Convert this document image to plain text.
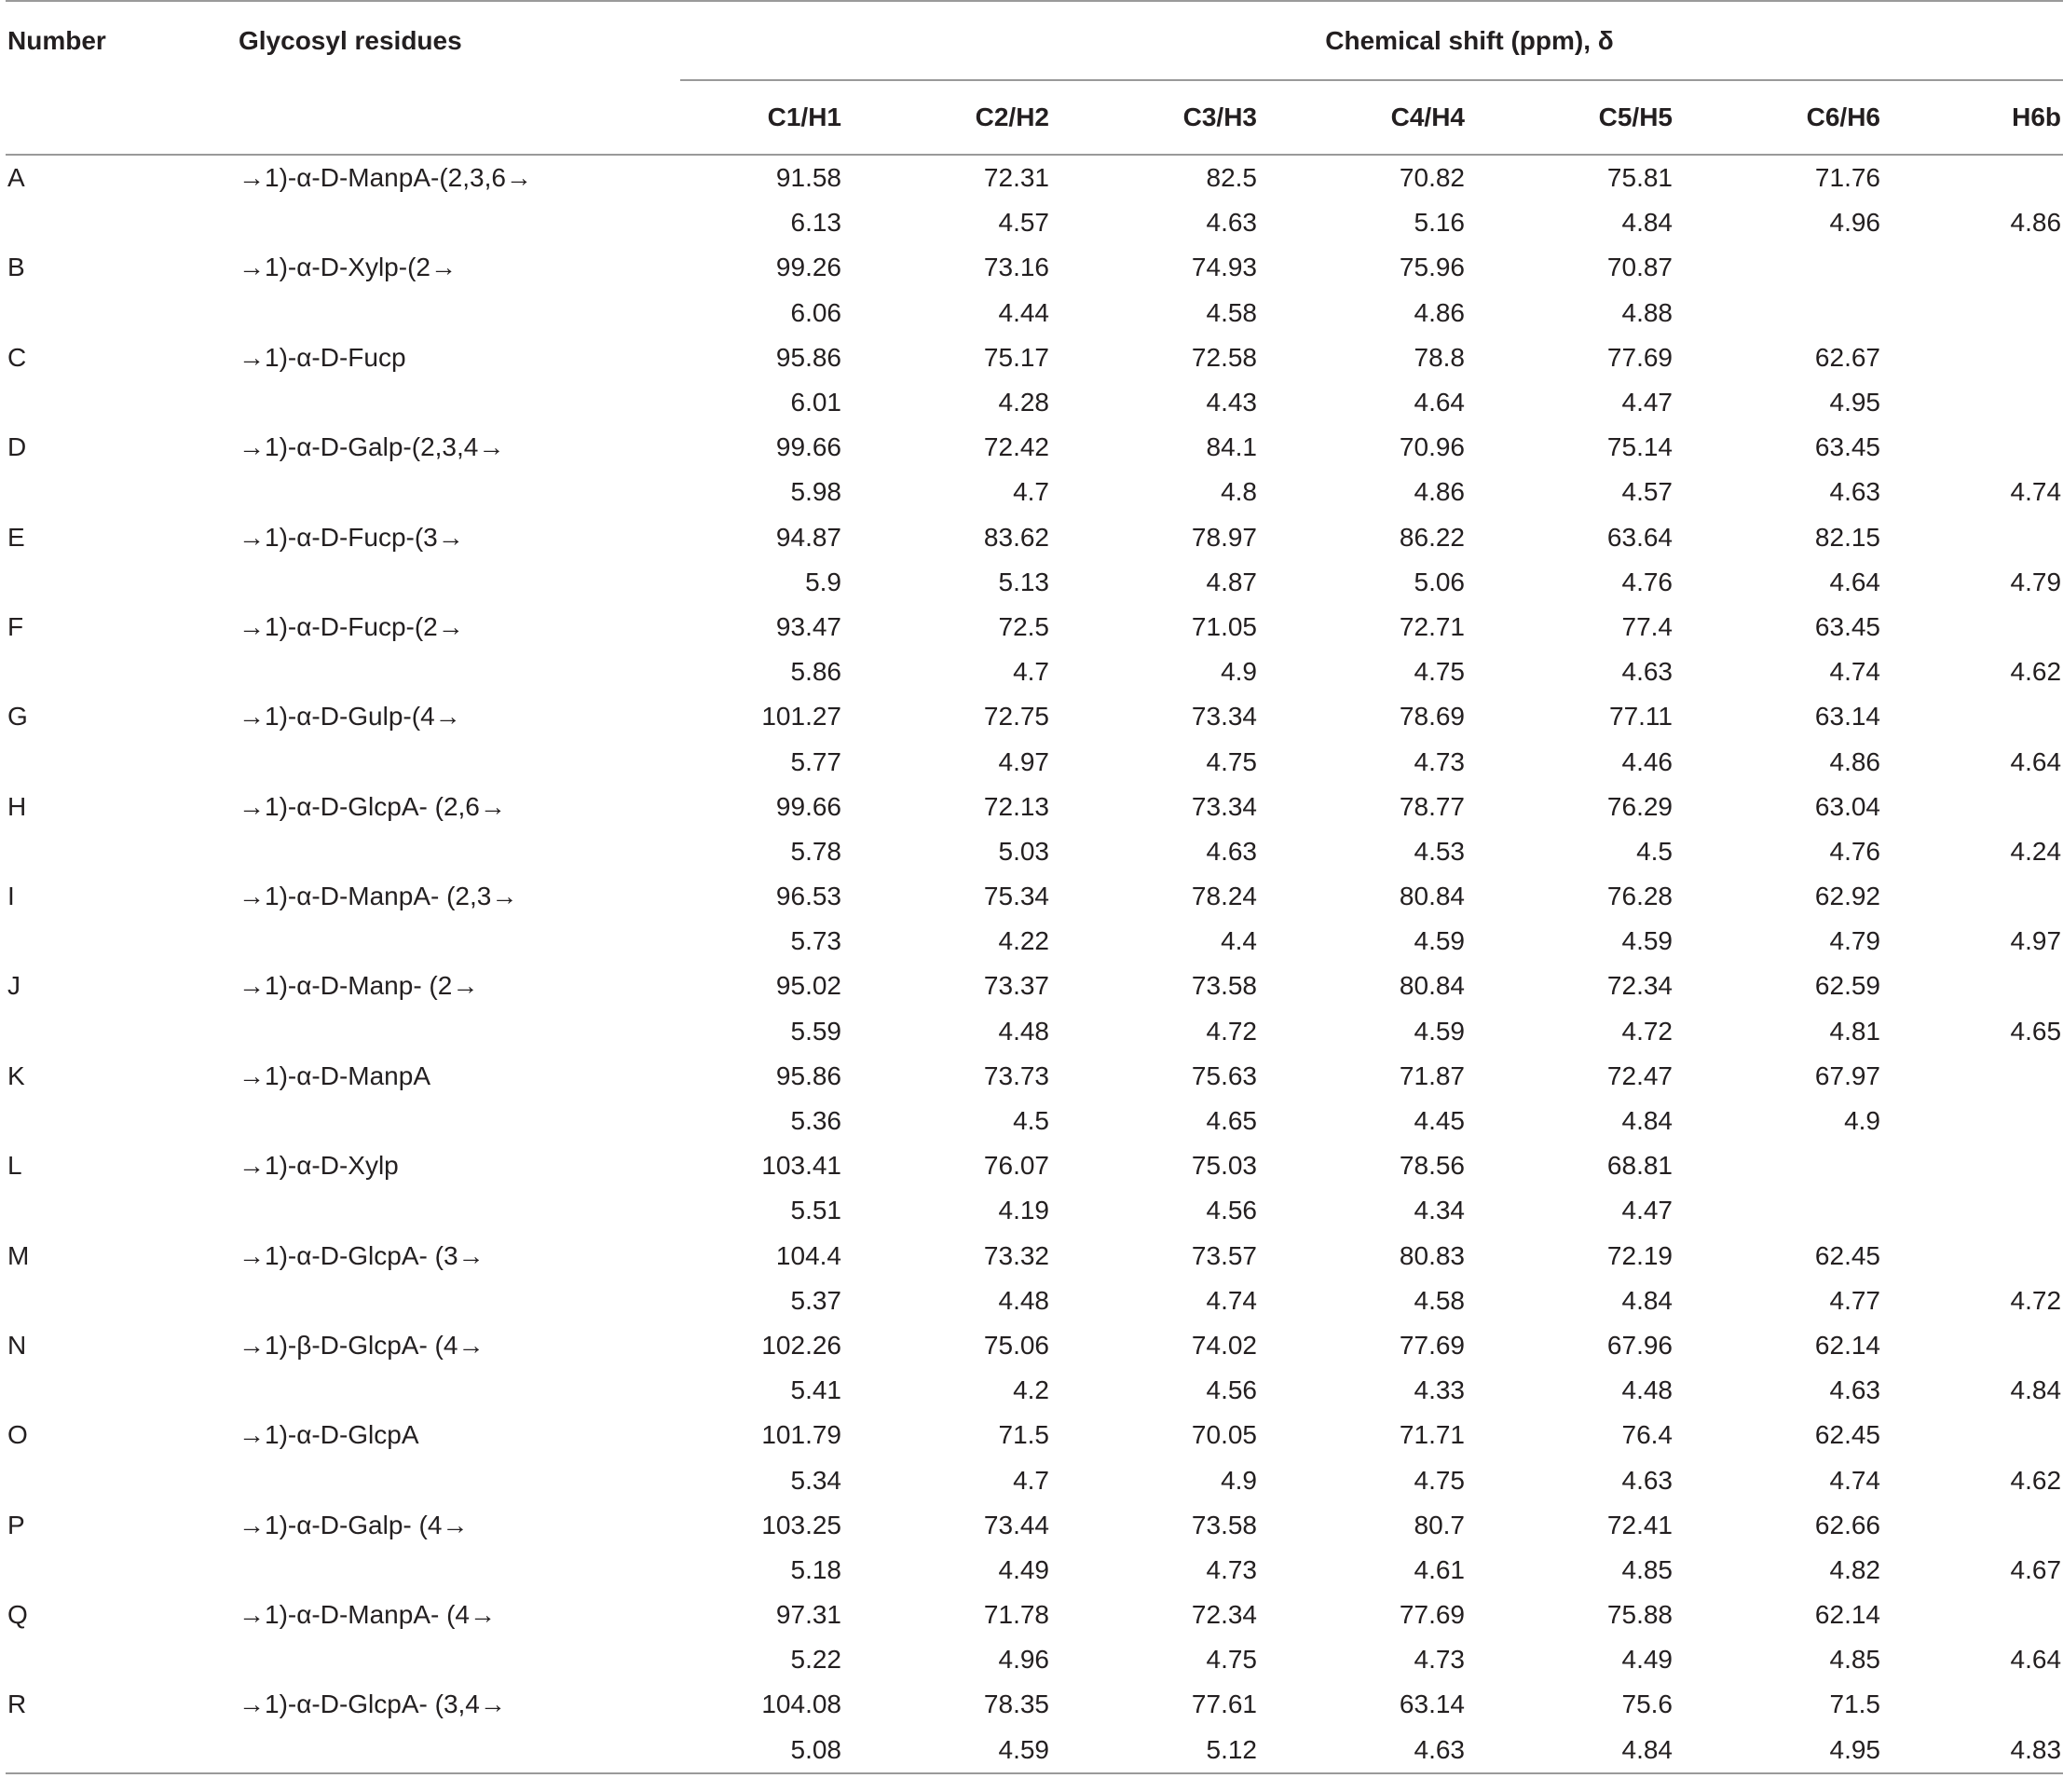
Number	Glycosyl residues	Chemical shift (ppm), δ						
		C1/H1	C2/H2	C3/H3	C4/H4	C5/H5	C6/H6	H6b
A	→1)-α-D-ManpA-(2,3,6→	91.58	72.31	82.5	70.82	75.81	71.76	
		6.13	4.57	4.63	5.16	4.84	4.96	4.86
B	→1)-α-D-Xylp-(2→	99.26	73.16	74.93	75.96	70.87		
		6.06	4.44	4.58	4.86	4.88		
C	→1)-α-D-Fucp	95.86	75.17	72.58	78.8	77.69	62.67	
		6.01	4.28	4.43	4.64	4.47	4.95	
D	→1)-α-D-Galp-(2,3,4→	99.66	72.42	84.1	70.96	75.14	63.45	
		5.98	4.7	4.8	4.86	4.57	4.63	4.74
E	→1)-α-D-Fucp-(3→	94.87	83.62	78.97	86.22	63.64	82.15	
		5.9	5.13	4.87	5.06	4.76	4.64	4.79
F	→1)-α-D-Fucp-(2→	93.47	72.5	71.05	72.71	77.4	63.45	
		5.86	4.7	4.9	4.75	4.63	4.74	4.62
G	→1)-α-D-Gulp-(4→	101.27	72.75	73.34	78.69	77.11	63.14	
		5.77	4.97	4.75	4.73	4.46	4.86	4.64
H	→1)-α-D-GlcpA- (2,6→	99.66	72.13	73.34	78.77	76.29	63.04	
		5.78	5.03	4.63	4.53	4.5	4.76	4.24
I	→1)-α-D-ManpA- (2,3→	96.53	75.34	78.24	80.84	76.28	62.92	
		5.73	4.22	4.4	4.59	4.59	4.79	4.97
J	→1)-α-D-Manp- (2→	95.02	73.37	73.58	80.84	72.34	62.59	
		5.59	4.48	4.72	4.59	4.72	4.81	4.65
K	→1)-α-D-ManpA	95.86	73.73	75.63	71.87	72.47	67.97	
		5.36	4.5	4.65	4.45	4.84	4.9	
L	→1)-α-D-Xylp	103.41	76.07	75.03	78.56	68.81		
		5.51	4.19	4.56	4.34	4.47		
M	→1)-α-D-GlcpA- (3→	104.4	73.32	73.57	80.83	72.19	62.45	
		5.37	4.48	4.74	4.58	4.84	4.77	4.72
N	→1)-β-D-GlcpA- (4→	102.26	75.06	74.02	77.69	67.96	62.14	
		5.41	4.2	4.56	4.33	4.48	4.63	4.84
O	→1)-α-D-GlcpA	101.79	71.5	70.05	71.71	76.4	62.45	
		5.34	4.7	4.9	4.75	4.63	4.74	4.62
P	→1)-α-D-Galp- (4→	103.25	73.44	73.58	80.7	72.41	62.66	
		5.18	4.49	4.73	4.61	4.85	4.82	4.67
Q	→1)-α-D-ManpA- (4→	97.31	71.78	72.34	77.69	75.88	62.14	
		5.22	4.96	4.75	4.73	4.49	4.85	4.64
R	→1)-α-D-GlcpA- (3,4→	104.08	78.35	77.61	63.14	75.6	71.5	
		5.08	4.59	5.12	4.63	4.84	4.95	4.83
